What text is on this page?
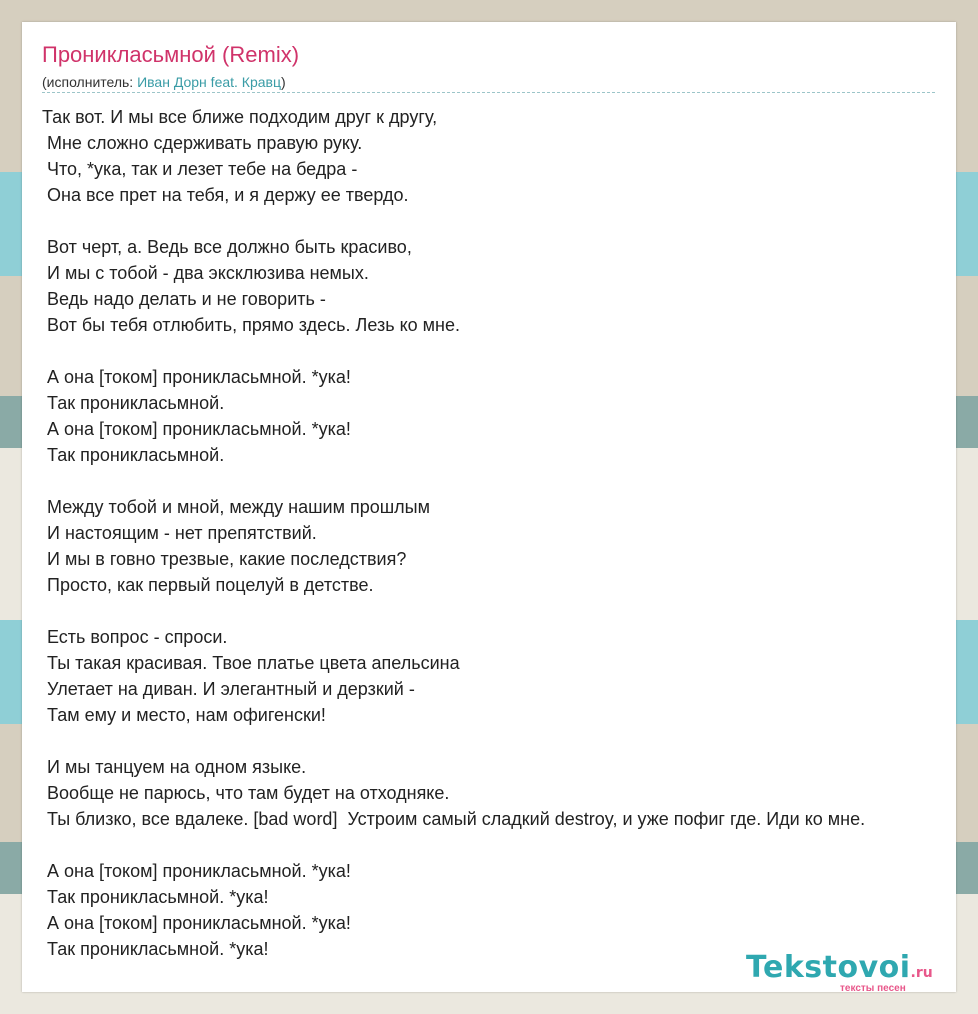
Проникласьмной (Remix)
(исполнитель: Иван Дорн feat. Кравц)
Так вот. И мы все ближе подходим друг к другу,
Мне сложно сдерживать правую руку.
Что, *ука, так и лезет тебе на бедра -
Она все прет на тебя, и я держу ее твердо.
Вот черт, а. Ведь все должно быть красиво,
И мы с тобой - два эксклюзива немых.
Ведь надо делать и не говорить -
Вот бы тебя отлюбить, прямо здесь. Лезь ко мне.
А она [током] проникласьмной. *ука!
Так проникласьмной.
А она [током] проникласьмной. *ука!
Так проникласьмной.
Между тобой и мной, между нашим прошлым
И настоящим - нет препятствий.
И мы в говно трезвые, какие последствия?
Просто, как первый поцелуй в детстве.
Есть вопрос - спроси.
Ты такая красивая. Твое платье цвета апельсина
Улетает на диван. И элегантный и дерзкий -
Там ему и место, нам офигенски!
И мы танцуем на одном языке.
Вообще не парюсь, что там будет на отходняке.
Ты близко, все вдалеке. [bad word]  Устроим самый сладкий destroy, и уже пофиг где. Иди ко мне.
А она [током] проникласьмной. *ука!
Так проникласьмной. *ука!
А она [током] проникласьмной. *ука!
Так проникласьмной. *ука!
Tekstovoi.ru
тексты песен
